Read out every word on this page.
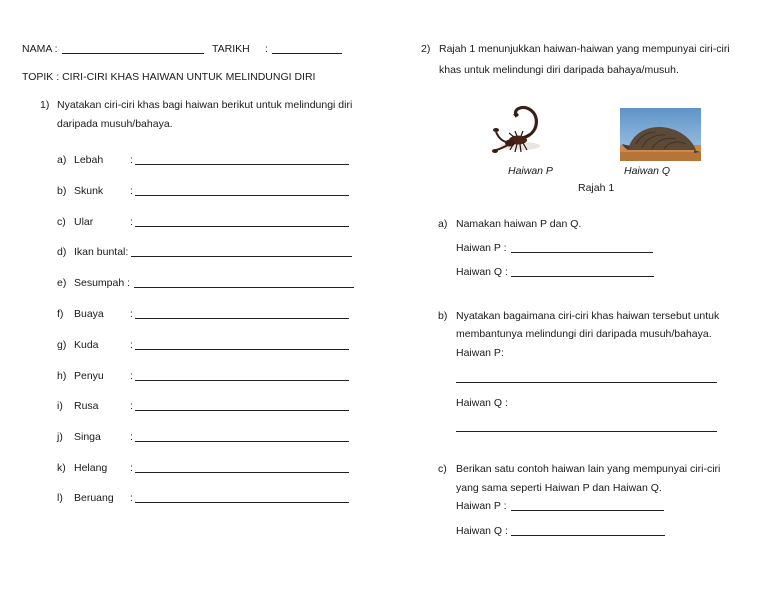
NAMA :	TARIKH :
TOPIK : CIRI-CIRI KHAS HAIWAN UNTUK MELINDUNGI DIRI
1) Nyatakan ciri-ciri khas bagi haiwan berikut untuk melindungi diri
daripada musuh/bahaya.
a) Lebah	:
b) Skunk	:
c) Ular	:
d) Ikan buntal:
e) Sesumpah :
f) Buaya :
g) Kuda	:
h) Penyu :
i) Rusa	:
j) Singa	:
k) Helang :
l) Beruang :
2) Rajah 1 menunjukkan haiwan-haiwan yang mempunyai ciri-ciri
khas untuk melindungi diri daripada bahaya/musuh.
Haiwan P	Haiwan Q
Rajah 1
a) Namakan haiwan P dan Q.
Haiwan P :
Haiwan Q :
b) Nyatakan bagaimana ciri-ciri khas haiwan tersebut untuk
membantunya melindungi diri daripada musuh/bahaya.
Haiwan P:
Haiwan Q :
c) Berikan satu contoh haiwan lain yang mempunyai ciri-ciri
yang sama seperti Haiwan P dan Haiwan Q.
Haiwan P :
Haiwan Q :
